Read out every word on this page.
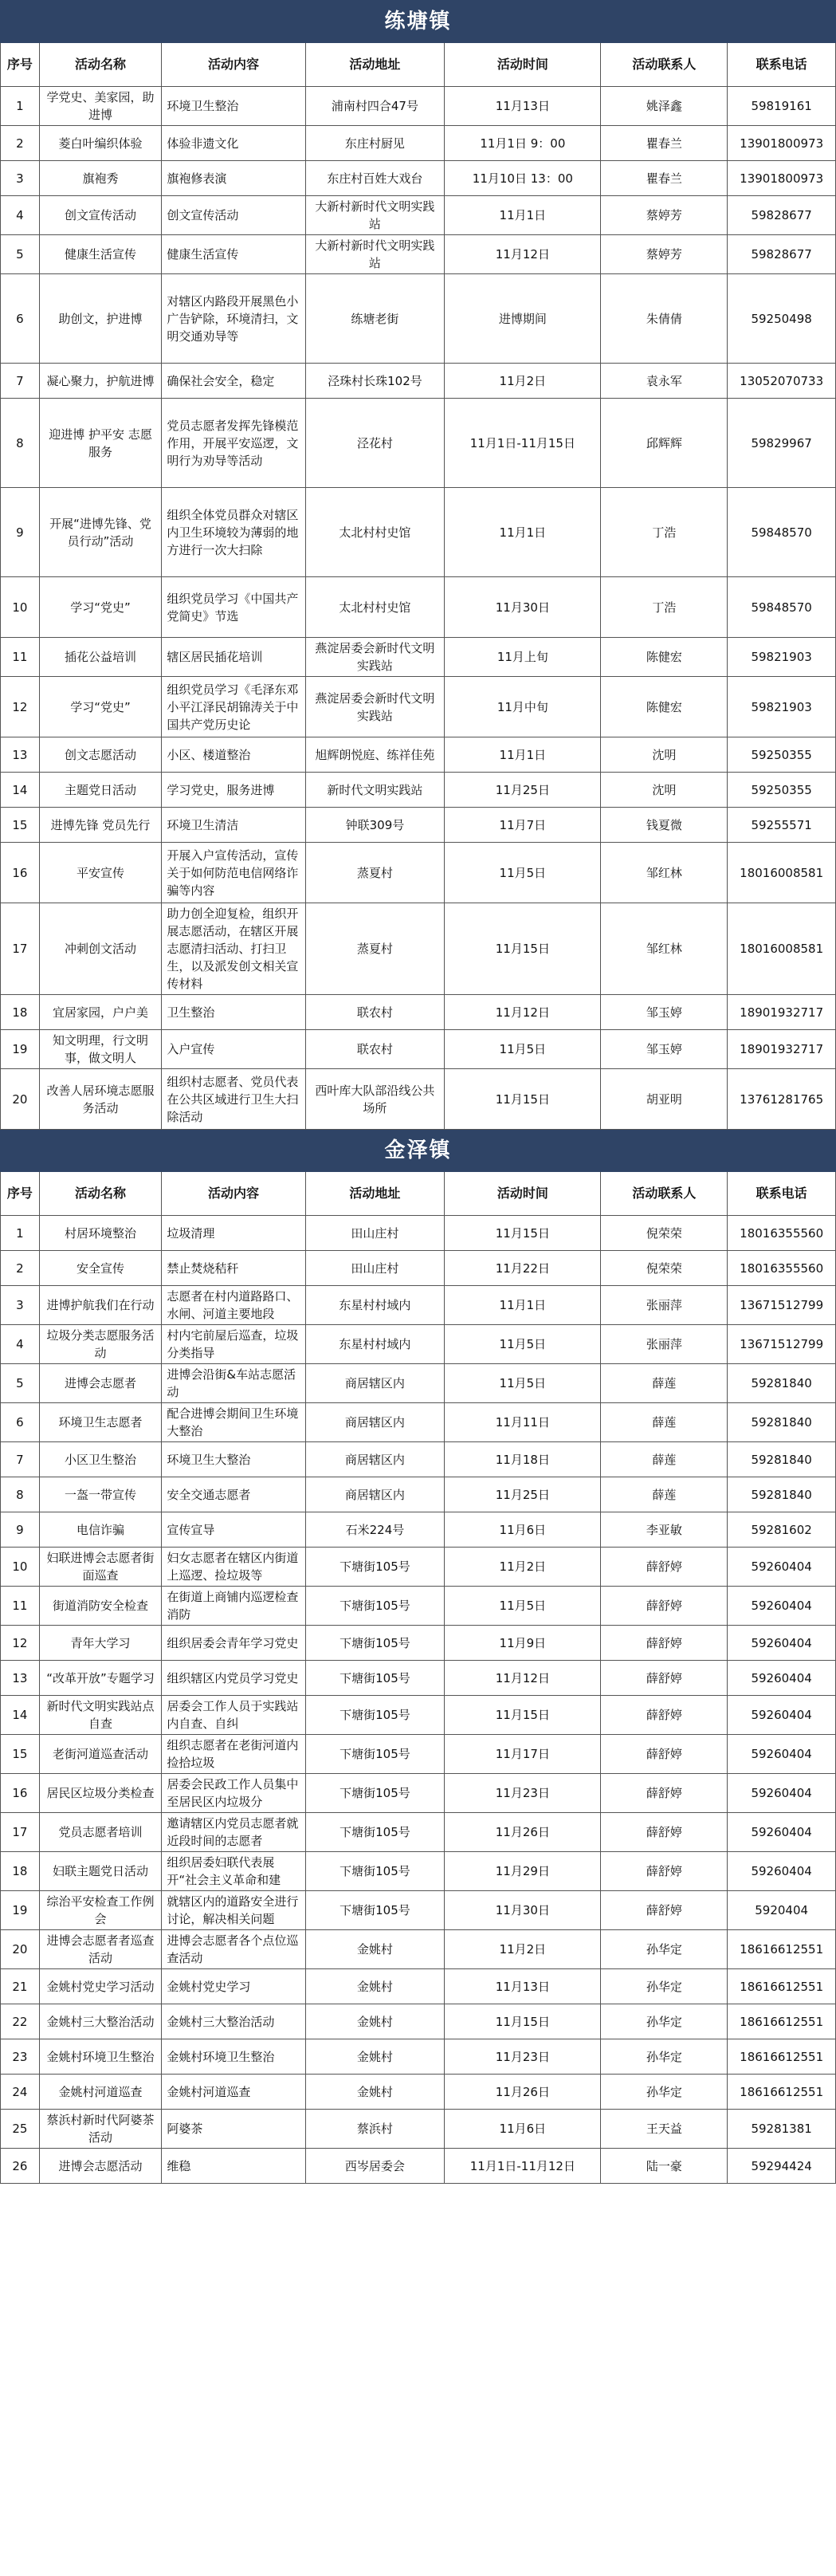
练塘镇						
序号	活动名称	活动内容	活动地址	活动时间	活动联系人	联系电话
1	学党史、美家园，助进博	环境卫生整治	浦南村四合47号	11月13日	姚泽鑫	59819161
2	菱白叶编织体验	体验非遗文化	东庄村厨见	11月1日 9：00	瞿春兰	13901800973
3	旗袍秀	旗袍修表演	东庄村百姓大戏台	11月10日 13：00	瞿春兰	13901800973
4	创文宣传活动	创文宣传活动	大新村新时代文明实践站	11月1日	蔡婷芳	59828677
5	健康生活宣传	健康生活宣传	大新村新时代文明实践站	11月12日	蔡婷芳	59828677
6	助创文，护进博	对辖区内路段开展黑色小广告铲除，环境清扫，文明交通劝导等	练塘老街	进博期间	朱倩倩	59250498
7	凝心聚力，护航进博	确保社会安全，稳定	泾珠村长珠102号	11月2日	袁永军	13052070733
8	迎进博 护平安 志愿服务	党员志愿者发挥先锋模范作用，开展平安巡逻，文明行为劝导等活动	泾花村	11月1日-11月15日	邱辉辉	59829967
9	开展“进博先锋、党员行动”活动	组织全体党员群众对辖区内卫生环境较为薄弱的地方进行一次大扫除	太北村村史馆	11月1日	丁浩	59848570
10	学习“党史”	组织党员学习《中国共产党简史》节选	太北村村史馆	11月30日	丁浩	59848570
11	插花公益培训	辖区居民插花培训	燕淀居委会新时代文明实践站	11月上旬	陈健宏	59821903
12	学习“党史”	组织党员学习《毛泽东邓小平江泽民胡锦涛关于中国共产党历史论	燕淀居委会新时代文明实践站	11月中旬	陈健宏	59821903
13	创文志愿活动	小区、楼道整治	旭辉朗悦庭、练祥佳苑	11月1日	沈明	59250355
14	主题党日活动	学习党史，服务进博	新时代文明实践站	11月25日	沈明	59250355
15	进博先锋 党员先行	环境卫生清洁	钟联309号	11月7日	钱夏微	59255571
16	平安宣传	开展入户宣传活动，宣传关于如何防范电信网络诈骗等内容	蒸夏村	11月5日	邹红林	18016008581
17	冲刺创文活动	助力创全迎复检，组织开展志愿活动，在辖区开展志愿清扫活动、打扫卫生，以及派发创文相关宣传材料	蒸夏村	11月15日	邹红林	18016008581
18	宜居家园，户户美	卫生整治	联农村	11月12日	邹玉婷	18901932717
19	知文明理，行文明事，做文明人	入户宣传	联农村	11月5日	邹玉婷	18901932717
20	改善人居环境志愿服务活动	组织村志愿者、党员代表在公共区域进行卫生大扫除活动	西叶库大队部沿线公共场所	11月15日	胡亚明	13761281765
金泽镇						
序号	活动名称	活动内容	活动地址	活动时间	活动联系人	联系电话
1	村居环境整治	垃圾清理	田山庄村	11月15日	倪荣荣	18016355560
2	安全宣传	禁止焚烧秸秆	田山庄村	11月22日	倪荣荣	18016355560
3	进博护航我们在行动	志愿者在村内道路路口、水闸、河道主要地段	东星村村域内	11月1日	张丽萍	13671512799
4	垃圾分类志愿服务活动	村内宅前屋后巡查，垃圾分类指导	东星村村域内	11月5日	张丽萍	13671512799
5	进博会志愿者	进博会沿街&车站志愿活动	商居辖区内	11月5日	薛莲	59281840
6	环境卫生志愿者	配合进博会期间卫生环境大整治	商居辖区内	11月11日	薛莲	59281840
7	小区卫生整治	环境卫生大整治	商居辖区内	11月18日	薛莲	59281840
8	一盔一带宣传	安全交通志愿者	商居辖区内	11月25日	薛莲	59281840
9	电信诈骗	宣传宣导	石米224号	11月6日	李亚敏	59281602
10	妇联进博会志愿者街面巡查	妇女志愿者在辖区内街道上巡逻、捡垃圾等	下塘街105号	11月2日	薛舒婷	59260404
11	街道消防安全检查	在街道上商铺内巡逻检查消防	下塘街105号	11月5日	薛舒婷	59260404
12	青年大学习	组织居委会青年学习党史	下塘街105号	11月9日	薛舒婷	59260404
13	“改革开放”专题学习	组织辖区内党员学习党史	下塘街105号	11月12日	薛舒婷	59260404
14	新时代文明实践站点自查	居委会工作人员于实践站内自查、自纠	下塘街105号	11月15日	薛舒婷	59260404
15	老街河道巡查活动	组织志愿者在老街河道内捡拾垃圾	下塘街105号	11月17日	薛舒婷	59260404
16	居民区垃圾分类检查	居委会民政工作人员集中至居民区内垃圾分	下塘街105号	11月23日	薛舒婷	59260404
17	党员志愿者培训	邀请辖区内党员志愿者就近段时间的志愿者	下塘街105号	11月26日	薛舒婷	59260404
18	妇联主题党日活动	组织居委妇联代表展开“社会主义革命和建	下塘街105号	11月29日	薛舒婷	59260404
19	综治平安检查工作例会	就辖区内的道路安全进行讨论，解决相关问题	下塘街105号	11月30日	薛舒婷	5920404
20	进博会志愿者者巡查活动	进博会志愿者各个点位巡查活动	金姚村	11月2日	孙华定	18616612551
21	金姚村党史学习活动	金姚村党史学习	金姚村	11月13日	孙华定	18616612551
22	金姚村三大整治活动	金姚村三大整治活动	金姚村	11月15日	孙华定	18616612551
23	金姚村环境卫生整治	金姚村环境卫生整治	金姚村	11月23日	孙华定	18616612551
24	金姚村河道巡查	金姚村河道巡查	金姚村	11月26日	孙华定	18616612551
25	蔡浜村新时代阿婆茶活动	阿婆茶	蔡浜村	11月6日	王天益	59281381
26	进博会志愿活动	维稳	西岑居委会	11月1日-11月12日	陆一豪	59294424
